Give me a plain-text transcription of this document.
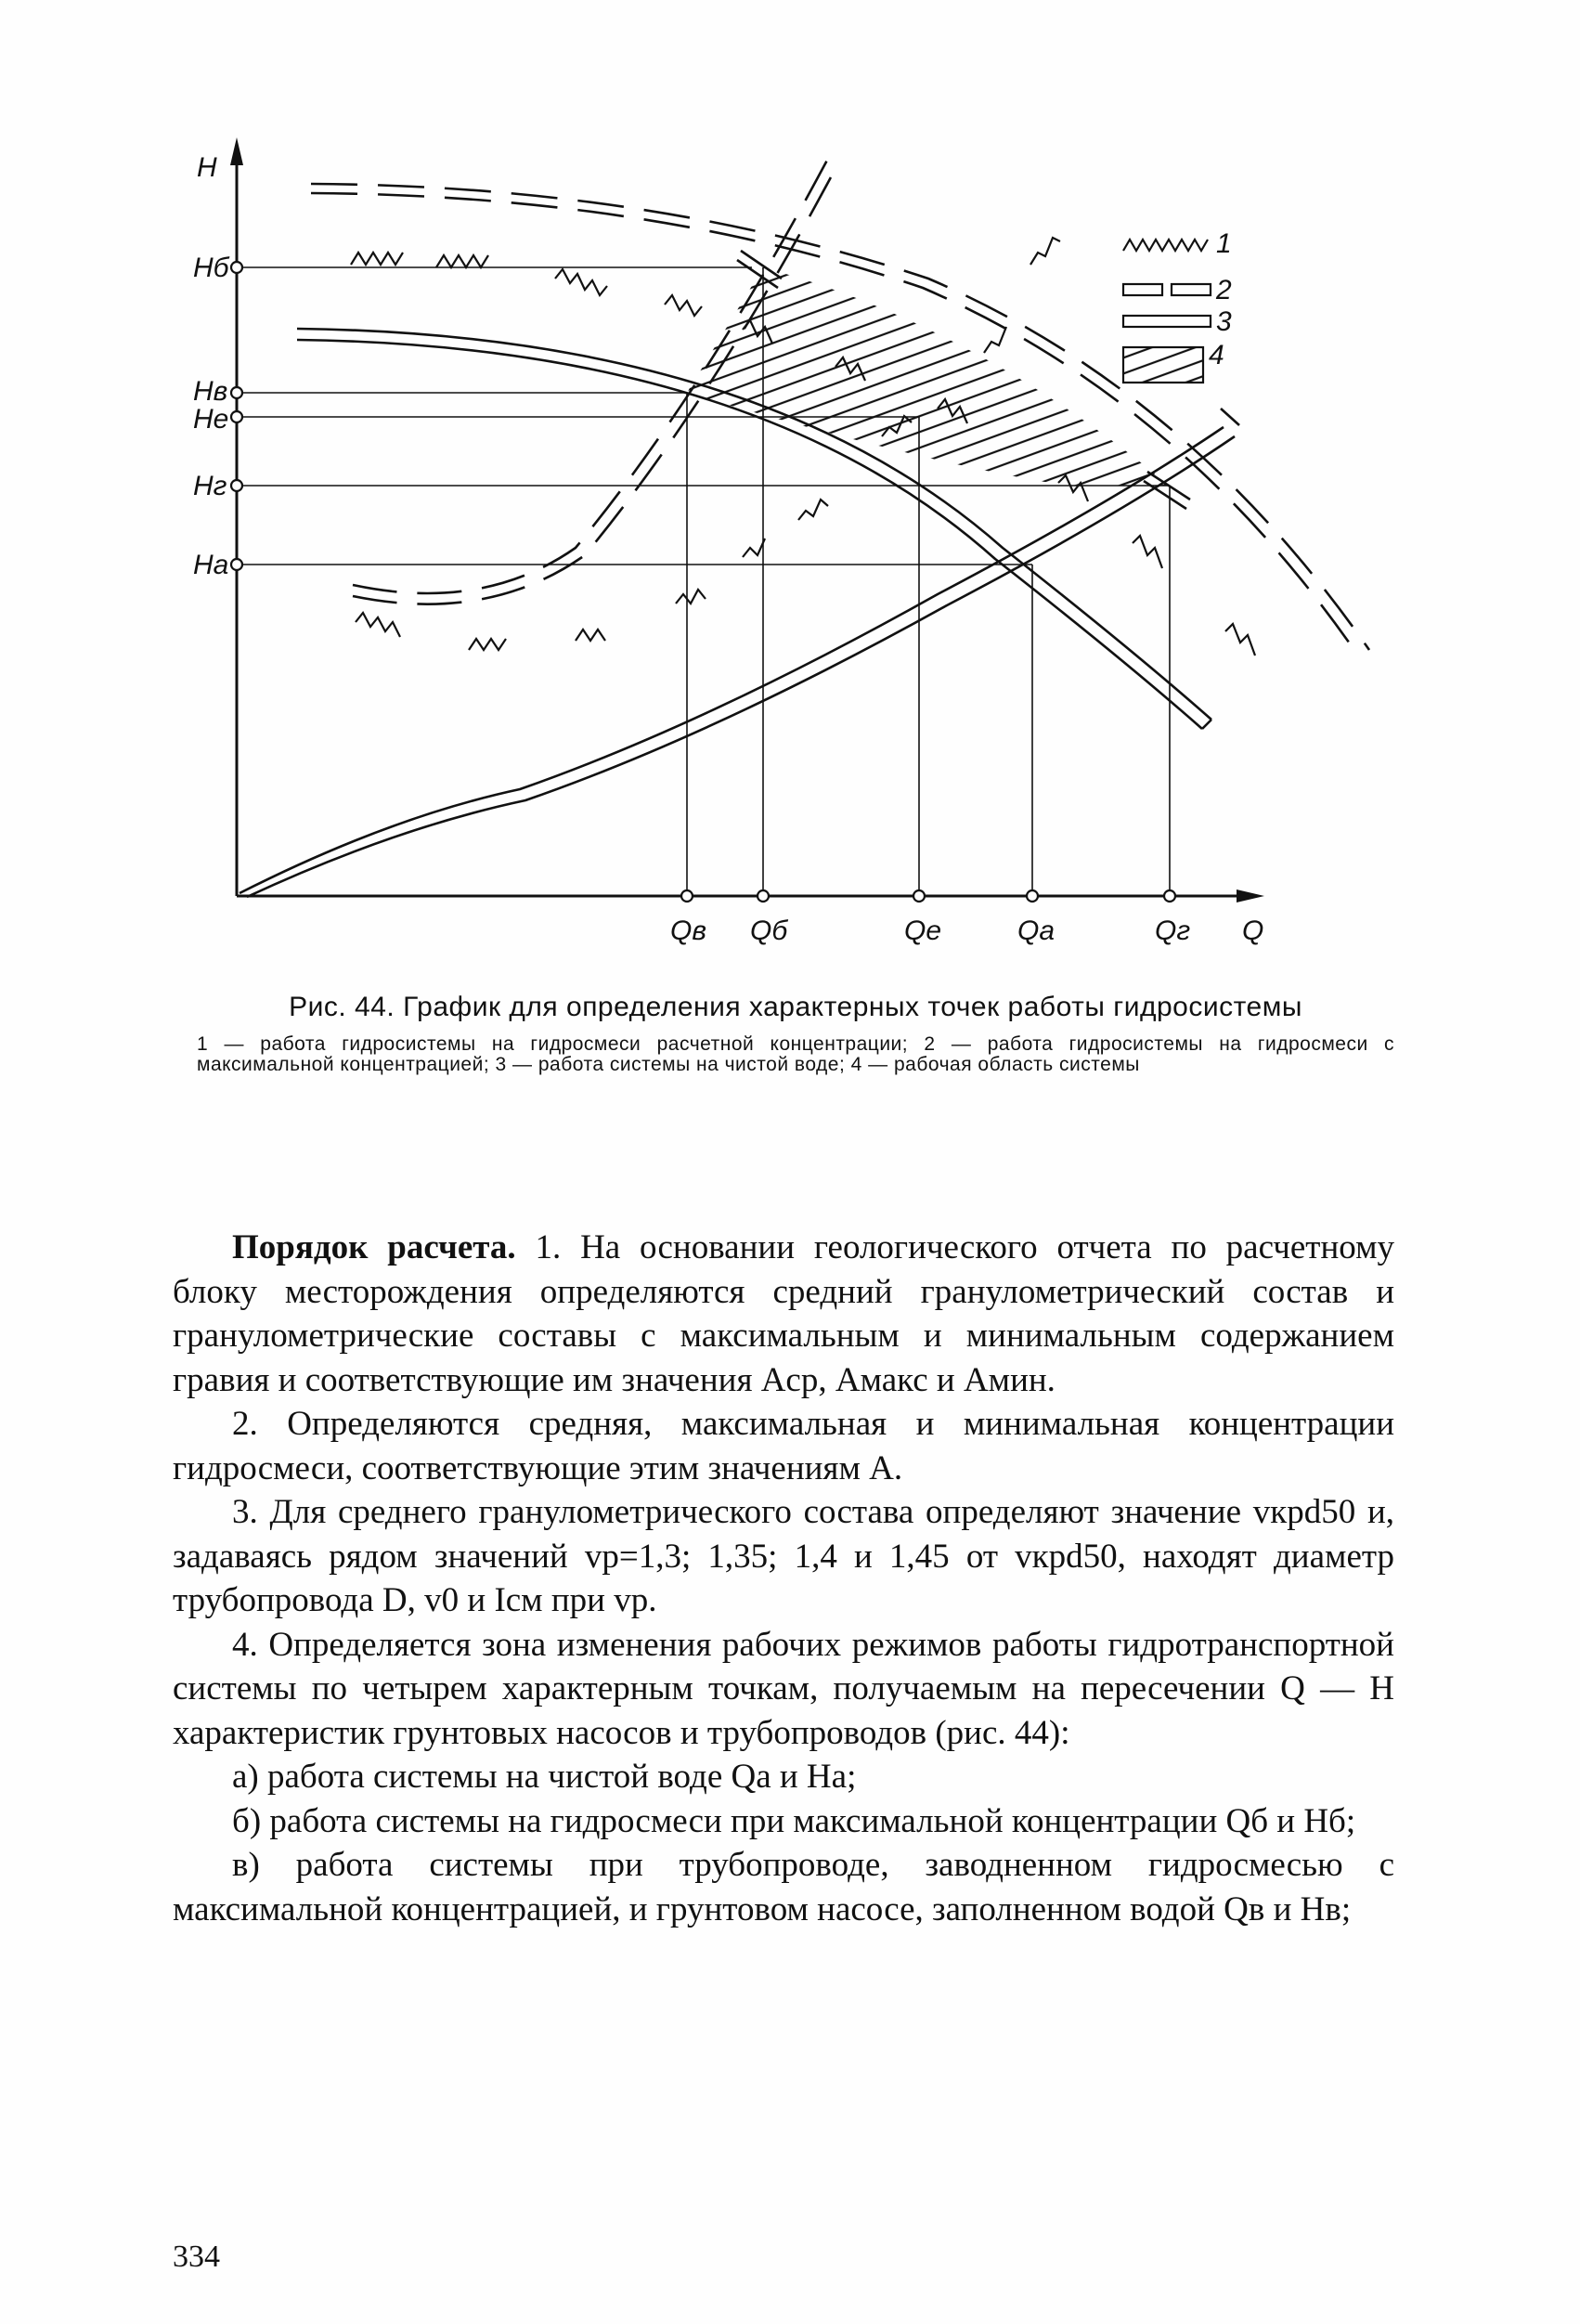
H
Q
Hб
Hв
Hе
Hг
Hа
Qв Qб	Qе	Qа	Qг
1
2
3
4

Рис. 44. График для определения характерных точек работы гидросистемы

1 — работа гидросистемы на гидросмеси расчетной концентрации; 2 — работа гидросистемы на гидросмеси с максимальной концентрацией; 3 — работа системы на чистой воде; 4 — рабочая область системы

Порядок расчета. 1. На основании геологического отчета по расчетному блоку месторождения определяются средний гранулометрический состав и гранулометрические составы с максимальным и минимальным содержанием гравия и соответствующие им значения Aср, Aмакс и Aмин.

2. Определяются средняя, максимальная и минимальная концентрации гидросмеси, соответствующие этим значениям A.

3. Для среднего гранулометрического состава определяют значение vкрd50 и, задаваясь рядом значений vр=1,3; 1,35; 1,4 и 1,45 от vкрd50, находят диаметр трубопровода D, v0 и Iсм при vр.

4. Определяется зона изменения рабочих режимов работы гидротранспортной системы по четырем характерным точкам, получаемым на пересечении Q — H характеристик грунтовых насосов и трубопроводов (рис. 44):

а) работа системы на чистой воде Qа и Hа;

б) работа системы на гидросмеси при максимальной концентрации Qб и Hб;

в) работа системы при трубопроводе, заводненном гидросмесью с максимальной концентрацией, и грунтовом насосе, заполненном водой Qв и Hв;

334
